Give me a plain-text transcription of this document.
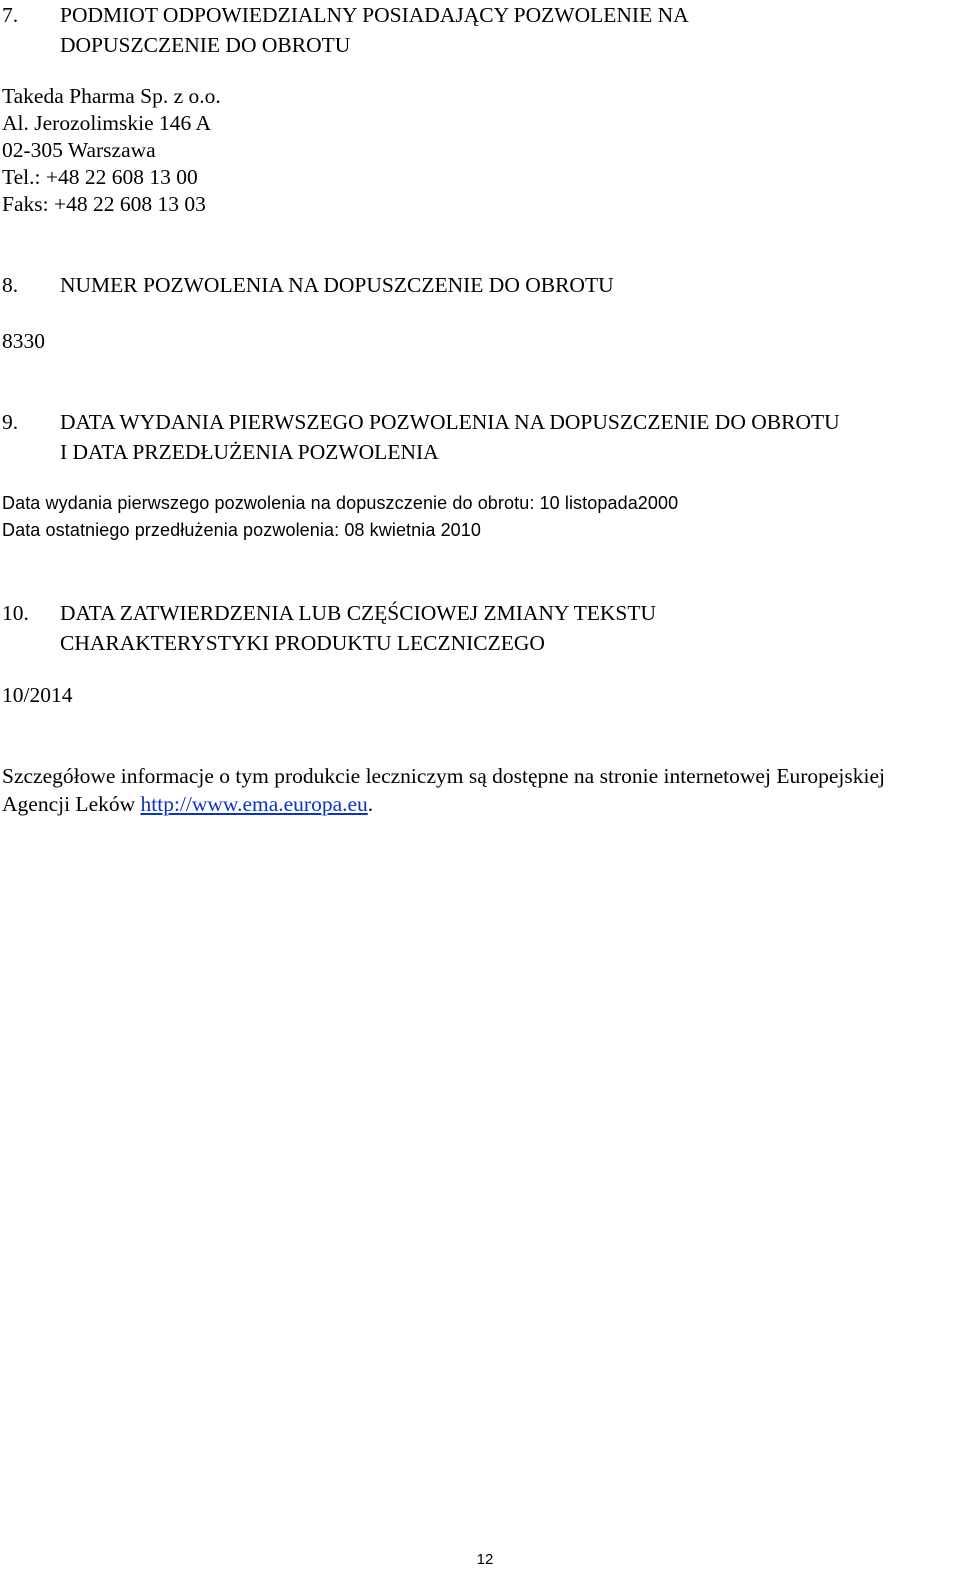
7. PODMIOT ODPOWIEDZIALNY POSIADAJĄCY POZWOLENIE NA
DOPUSZCZENIE DO OBROTU
Takeda Pharma Sp. z o.o.
Al. Jerozolimskie 146 A
02-305 Warszawa
Tel.: +48 22 608 13 00
Faks: +48 22 608 13 03
8. NUMER POZWOLENIA NA DOPUSZCZENIE DO OBROTU
8330
9. DATA WYDANIA PIERWSZEGO POZWOLENIA NA DOPUSZCZENIE DO OBROTU
I DATA PRZEDŁUŻENIA POZWOLENIA
Data wydania pierwszego pozwolenia na dopuszczenie do obrotu: 10 listopada2000
Data ostatniego przedłużenia pozwolenia: 08 kwietnia 2010
10. DATA ZATWIERDZENIA LUB CZĘŚCIOWEJ ZMIANY TEKSTU
CHARAKTERYSTYKI PRODUKTU LECZNICZEGO
10/2014
Szczegółowe informacje o tym produkcie leczniczym są dostępne na stronie internetowej Europejskiej
Agencji Leków http://www.ema.europa.eu.
12
